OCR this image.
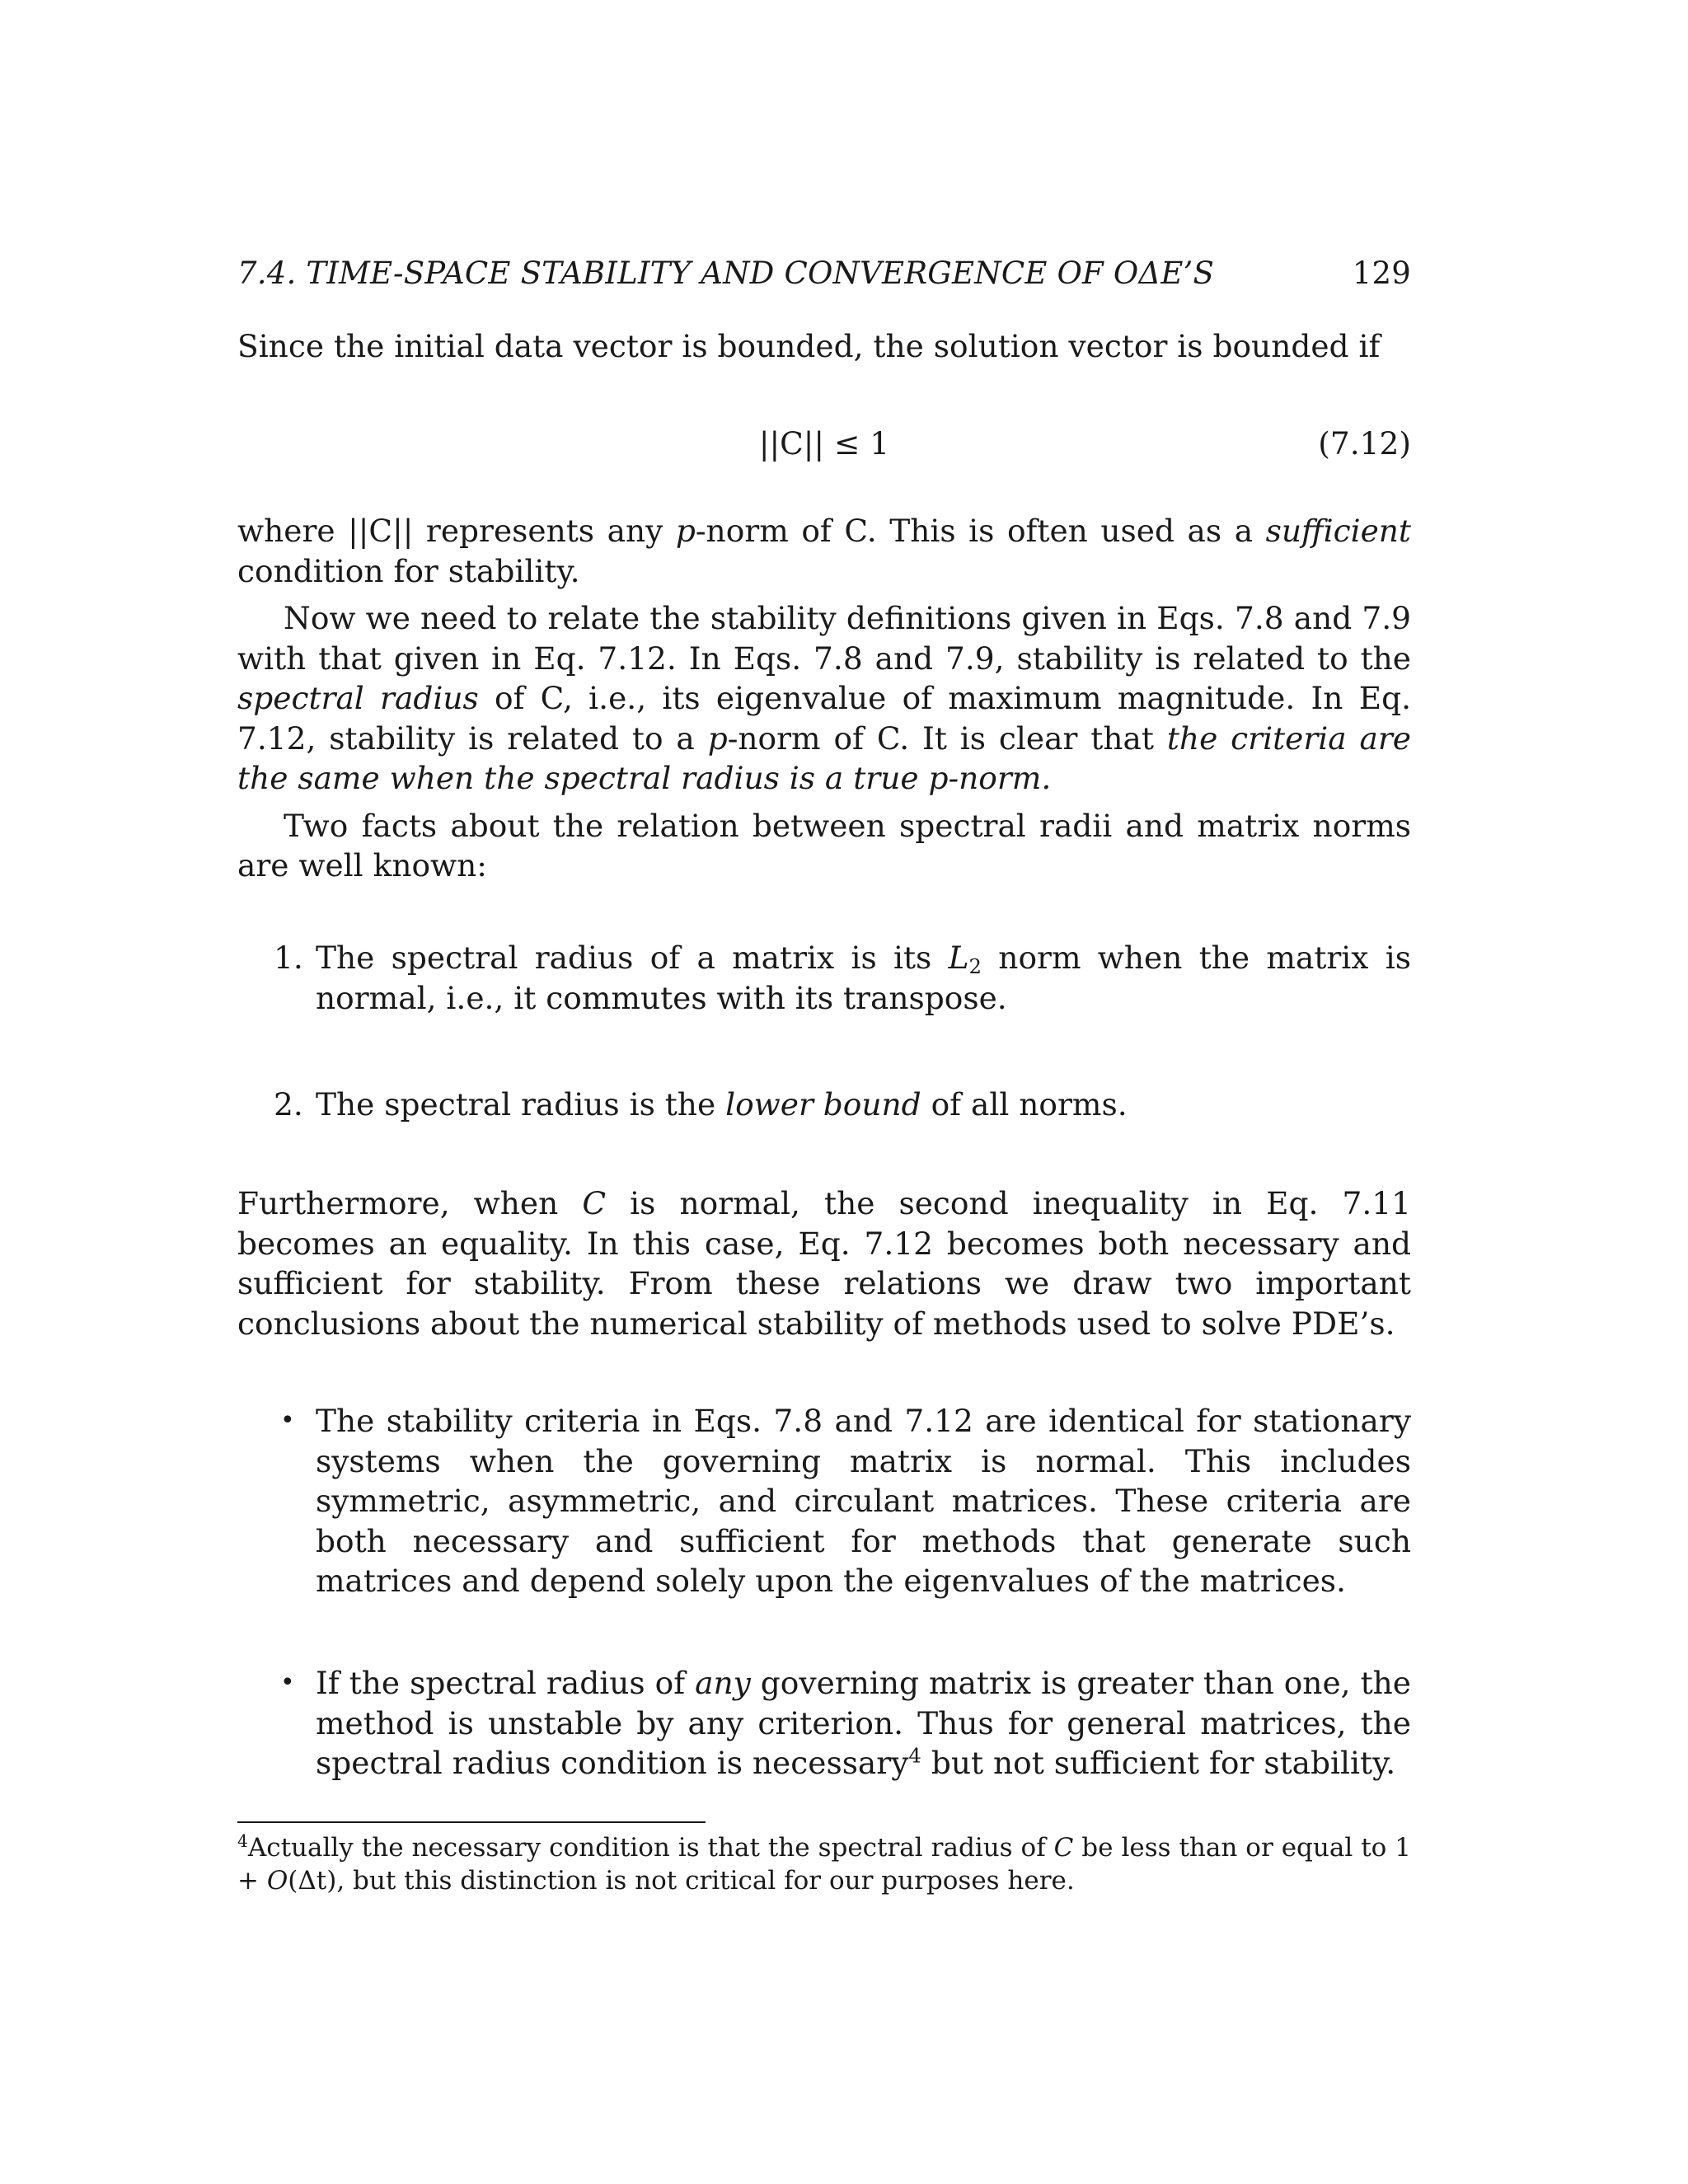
7.4. TIME-SPACE STABILITY AND CONVERGENCE OF OΔE’S	129

Since the initial data vector is bounded, the solution vector is bounded if

||C|| ≤ 1	(7.12)

where ||C|| represents any p-norm of C. This is often used as a sufficient condition for stability.

Now we need to relate the stability definitions given in Eqs. 7.8 and 7.9 with that given in Eq. 7.12. In Eqs. 7.8 and 7.9, stability is related to the spectral radius of C, i.e., its eigenvalue of maximum magnitude. In Eq. 7.12, stability is related to a p-norm of C. It is clear that the criteria are the same when the spectral radius is a true p-norm.

Two facts about the relation between spectral radii and matrix norms are well known:

1. The spectral radius of a matrix is its $L_2$ norm when the matrix is normal, i.e., it commutes with its transpose.
2. The spectral radius is the lower bound of all norms.

Furthermore, when C is normal, the second inequality in Eq. 7.11 becomes an equality. In this case, Eq. 7.12 becomes both necessary and sufficient for stability. From these relations we draw two important conclusions about the numerical stability of methods used to solve PDE’s.

• The stability criteria in Eqs. 7.8 and 7.12 are identical for stationary systems when the governing matrix is normal. This includes symmetric, asymmetric, and circulant matrices. These criteria are both necessary and sufficient for methods that generate such matrices and depend solely upon the eigenvalues of the matrices.
• If the spectral radius of any governing matrix is greater than one, the method is unstable by any criterion. Thus for general matrices, the spectral radius condition is necessary$^4$ but not sufficient for stability.

$^4$Actually the necessary condition is that the spectral radius of C be less than or equal to 1 + O(Δt), but this distinction is not critical for our purposes here.
